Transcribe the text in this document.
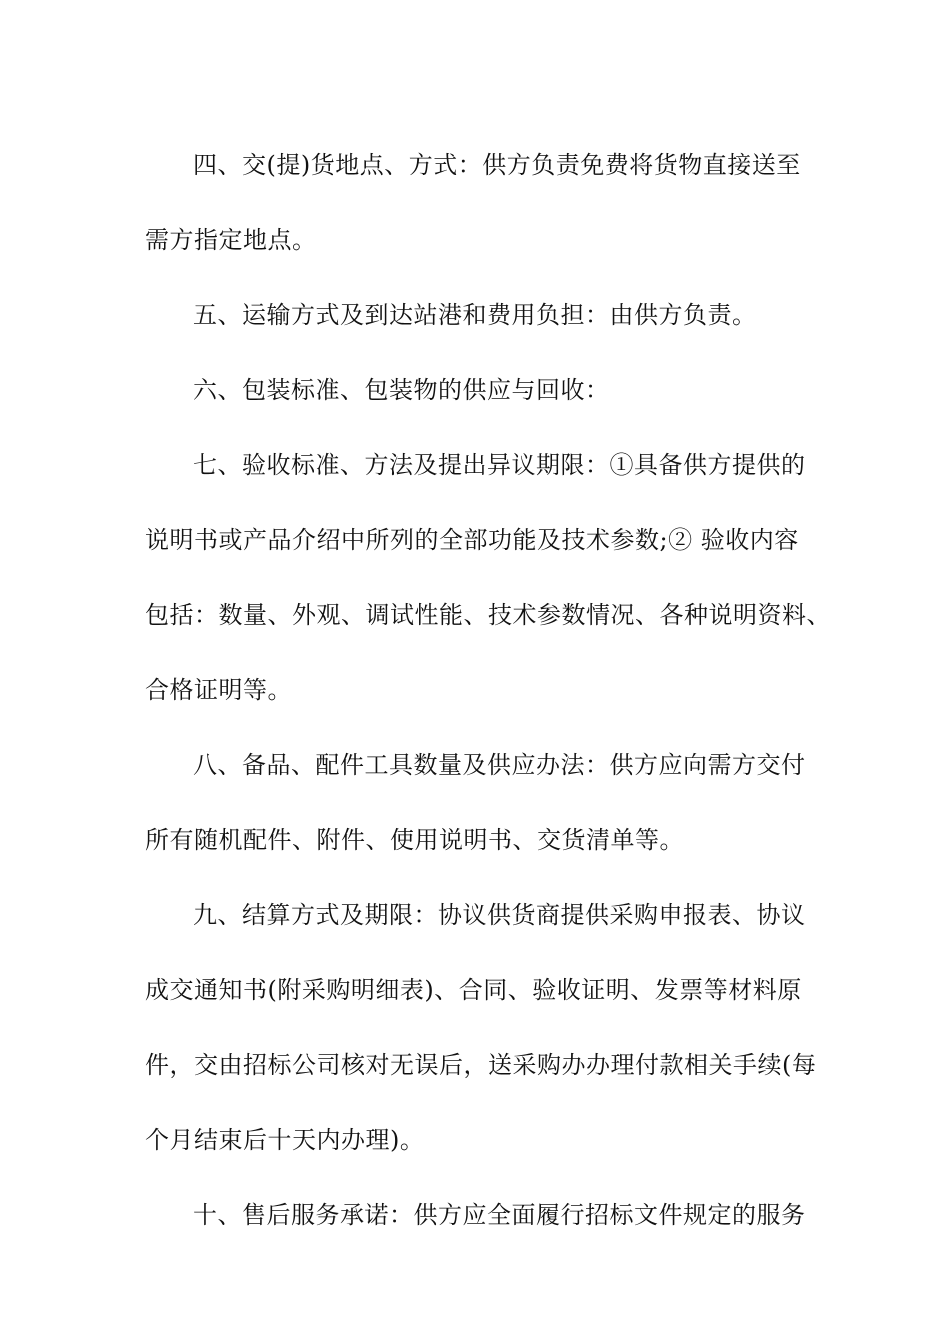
四、交(提)货地点、方式：供方负责免费将货物直接送至
需方指定地点。
五、运输方式及到达站港和费用负担：由供方负责。
六、包装标准、包装物的供应与回收：
七、验收标准、方法及提出异议期限：①具备供方提供的
说明书或产品介绍中所列的全部功能及技术参数;② 验收内容
包括：数量、外观、调试性能、技术参数情况、各种说明资料、
合格证明等。
八、备品、配件工具数量及供应办法：供方应向需方交付
所有随机配件、附件、使用说明书、交货清单等。
九、结算方式及期限：协议供货商提供采购申报表、协议
成交通知书(附采购明细表)、合同、验收证明、发票等材料原
件，交由招标公司核对无误后，送采购办办理付款相关手续(每
个月结束后十天内办理)。
十、售后服务承诺：供方应全面履行招标文件规定的服务
